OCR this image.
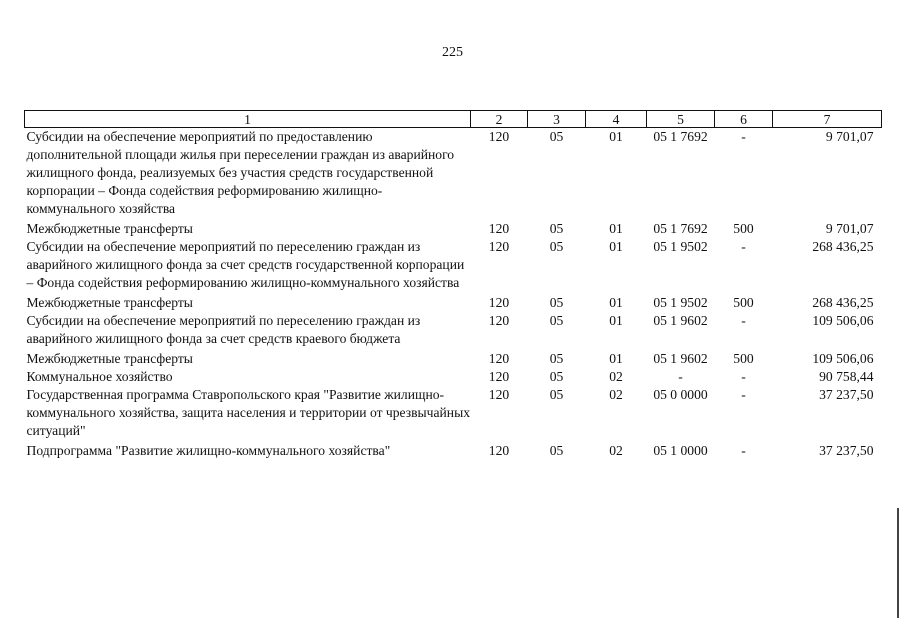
225
1	2	3	4	5	6	7
Субсидии на обеспечение мероприятий по предоставлению дополнительной площади жилья при переселении граждан из аварийного жилищного фонда, реализуемых без участия средств государственной корпорации – Фонда содействия реформированию жилищно-коммунального хозяйства	120	05	01	05 1 7692	-	9 701,07
Межбюджетные трансферты	120	05	01	05 1 7692	500	9 701,07
Субсидии на обеспечение мероприятий по переселению граждан из аварийного жилищного фонда за счет средств государственной корпорации – Фонда содействия реформированию жилищно-коммунального хозяйства	120	05	01	05 1 9502	-	268 436,25
Межбюджетные трансферты	120	05	01	05 1 9502	500	268 436,25
Субсидии на обеспечение мероприятий по переселению граждан из аварийного жилищного фонда за счет средств краевого бюджета	120	05	01	05 1 9602	-	109 506,06
Межбюджетные трансферты	120	05	01	05 1 9602	500	109 506,06
Коммунальное хозяйство	120	05	02	-	-	90 758,44
Государственная программа Ставропольского края "Развитие жилищно-коммунального хозяйства, защита населения и территории от чрезвычайных ситуаций"	120	05	02	05 0 0000	-	37 237,50
Подпрограмма "Развитие жилищно-коммунального хозяйства"	120	05	02	05 1 0000	-	37 237,50
